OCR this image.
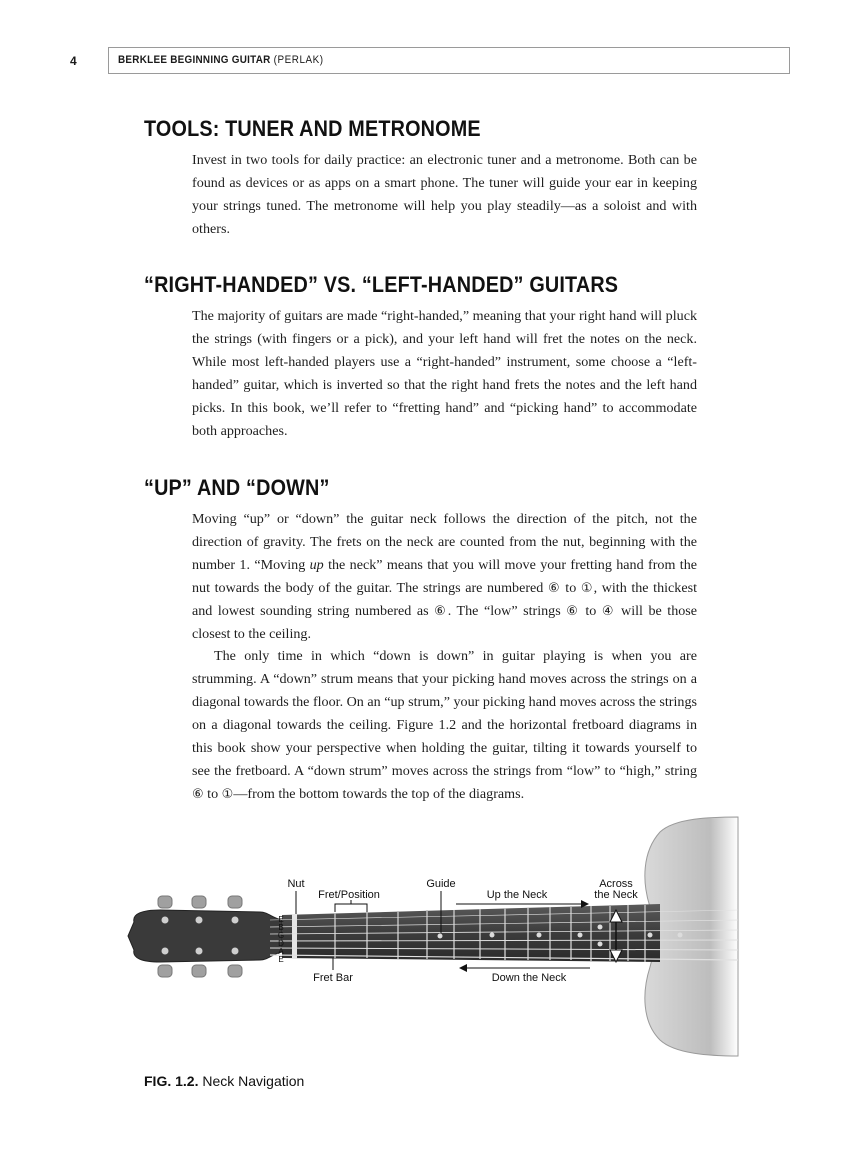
4	BERKLEE BEGINNING GUITAR (PERLAK)
TOOLS: TUNER AND METRONOME

Invest in two tools for daily practice: an electronic tuner and a metronome. Both can be found as devices or as apps on a smart phone. The tuner will guide your ear in keeping your strings tuned. The metronome will help you play steadily—as a soloist and with others.

“RIGHT-HANDED” VS. “LEFT-HANDED” GUITARS

The majority of guitars are made “right-handed,” meaning that your right hand will pluck the strings (with fingers or a pick), and your left hand will fret the notes on the neck. While most left-handed players use a “right-handed” instrument, some choose a “left-handed” guitar, which is inverted so that the right hand frets the notes and the left hand picks. In this book, we’ll refer to “fretting hand” and “picking hand” to accommodate both approaches.

“UP” AND “DOWN”

Moving “up” or “down” the guitar neck follows the direction of the pitch, not the direction of gravity. The frets on the neck are counted from the nut, beginning with the number 1. “Moving up the neck” means that you will move your fretting hand from the nut towards the body of the guitar. The strings are numbered ⑥ to ①, with the thickest and lowest sounding string numbered as ⑥. The “low” strings ⑥ to ④ will be those closest to the ceiling.

The only time in which “down is down” in guitar playing is when you are strumming. A “down” strum means that your picking hand moves across the strings on a diagonal towards the floor. On an “up strum,” your picking hand moves across the strings on a diagonal towards the ceiling. Figure 1.2 and the horizontal fretboard diagrams in this book show your perspective when holding the guitar, tilting it towards yourself to see the fretboard. A “down strum” moves across the strings from “low” to “high,” string ⑥ to ①—from the bottom towards the top of the diagrams.

E
B
G
D
A
E
Nut
Fret/Position
Guide
Up the Neck
Across
the Neck
Fret Bar	Down the Neck
FIG. 1.2. Neck Navigation
